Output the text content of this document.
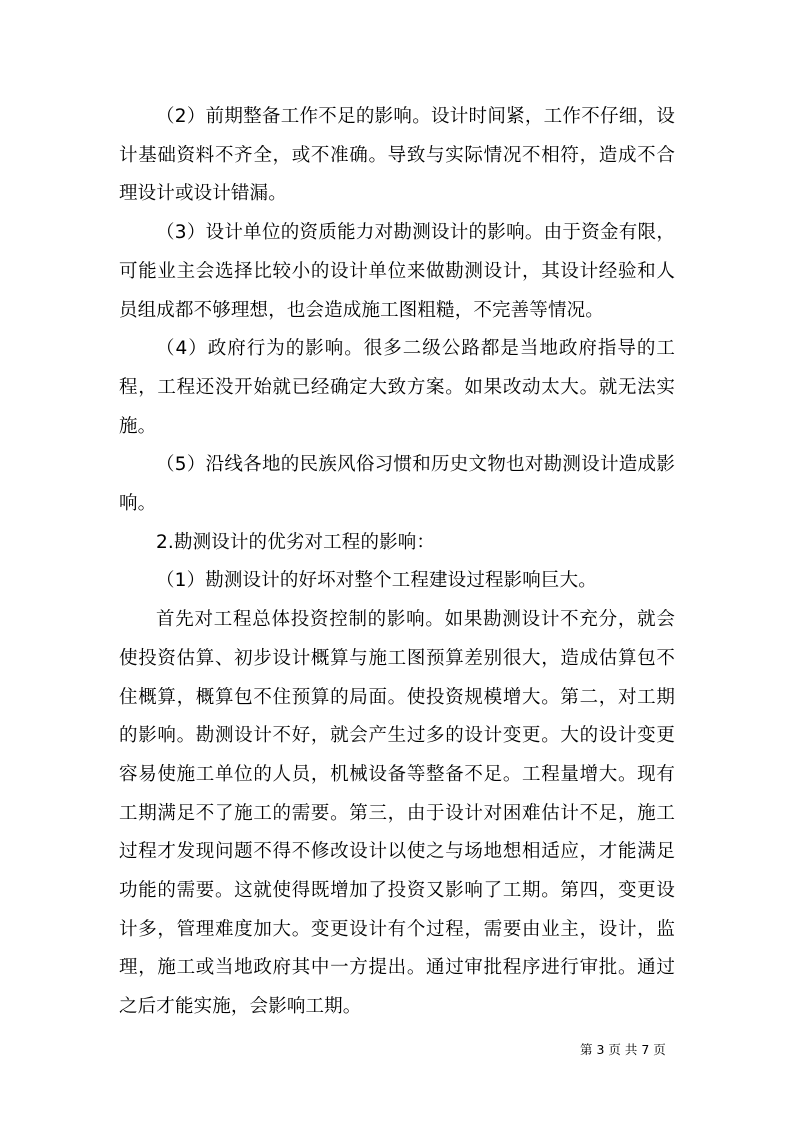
（2）前期整备工作不足的影响。设计时间紧，工作不仔细，设计基础资料不齐全，或不准确。导致与实际情况不相符，造成不合理设计或设计错漏。

（3）设计单位的资质能力对勘测设计的影响。由于资金有限，可能业主会选择比较小的设计单位来做勘测设计，其设计经验和人员组成都不够理想，也会造成施工图粗糙，不完善等情况。

（4）政府行为的影响。很多二级公路都是当地政府指导的工程，工程还没开始就已经确定大致方案。如果改动太大。就无法实施。

（5）沿线各地的民族风俗习惯和历史文物也对勘测设计造成影响。

2.勘测设计的优劣对工程的影响：

（1）勘测设计的好坏对整个工程建设过程影响巨大。

首先对工程总体投资控制的影响。如果勘测设计不充分，就会使投资估算、初步设计概算与施工图预算差别很大，造成估算包不住概算，概算包不住预算的局面。使投资规模增大。第二，对工期的影响。勘测设计不好，就会产生过多的设计变更。大的设计变更容易使施工单位的人员，机械设备等整备不足。工程量增大。现有工期满足不了施工的需要。第三，由于设计对困难估计不足，施工过程才发现问题不得不修改设计以使之与场地想相适应，才能满足功能的需要。这就使得既增加了投资又影响了工期。第四，变更设计多，管理难度加大。变更设计有个过程，需要由业主，设计，监理，施工或当地政府其中一方提出。通过审批程序进行审批。通过之后才能实施，会影响工期。

第 3 页 共 7 页
